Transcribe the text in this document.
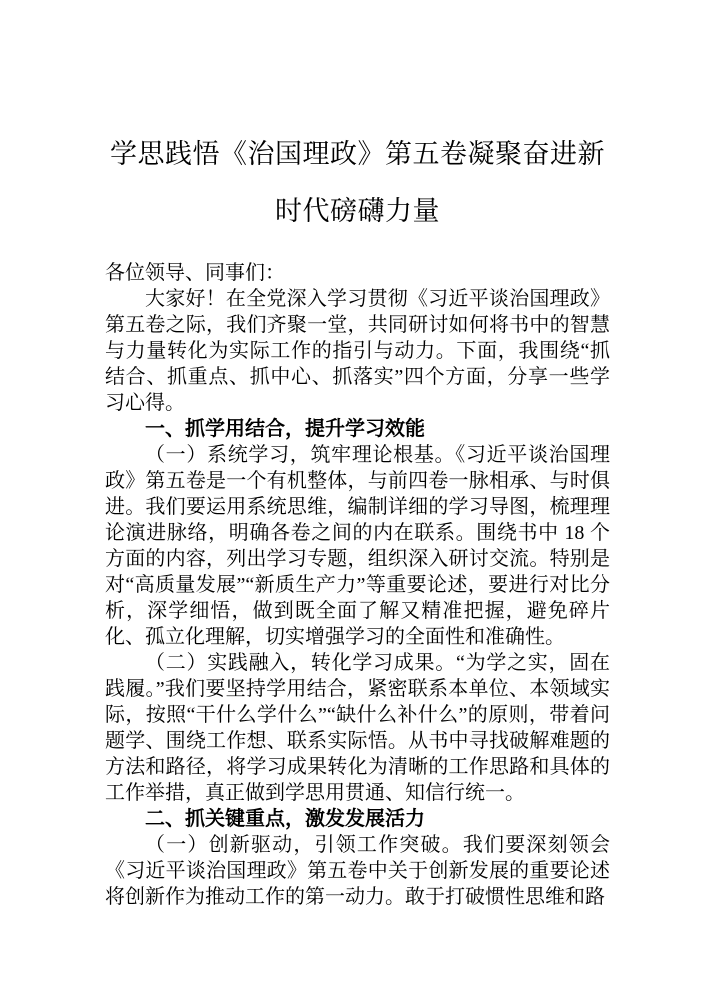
学思践悟《治国理政》第五卷凝聚奋进新时代磅礴力量

各位领导、同事们：

大家好！在全党深入学习贯彻《习近平谈治国理政》第五卷之际，我们齐聚一堂，共同研讨如何将书中的智慧与力量转化为实际工作的指引与动力。下面，我围绕“抓结合、抓重点、抓中心、抓落实”四个方面，分享一些学习心得。

一、抓学用结合，提升学习效能

（一）系统学习，筑牢理论根基。《习近平谈治国理政》第五卷是一个有机整体，与前四卷一脉相承、与时俱进。我们要运用系统思维，编制详细的学习导图，梳理理论演进脉络，明确各卷之间的内在联系。围绕书中 18 个方面的内容，列出学习专题，组织深入研讨交流。特别是对“高质量发展”“新质生产力”等重要论述，要进行对比分析，深学细悟，做到既全面了解又精准把握，避免碎片化、孤立化理解，切实增强学习的全面性和准确性。

（二）实践融入，转化学习成果。“为学之实，固在践履。”我们要坚持学用结合，紧密联系本单位、本领域实际，按照“干什么学什么”“缺什么补什么”的原则，带着问题学、围绕工作想、联系实际悟。从书中寻找破解难题的方法和路径，将学习成果转化为清晰的工作思路和具体的工作举措，真正做到学思用贯通、知信行统一。

二、抓关键重点，激发发展活力

（一）创新驱动，引领工作突破。我们要深刻领会《习近平谈治国理政》第五卷中关于创新发展的重要论述将创新作为推动工作的第一动力。敢于打破惯性思维和路
